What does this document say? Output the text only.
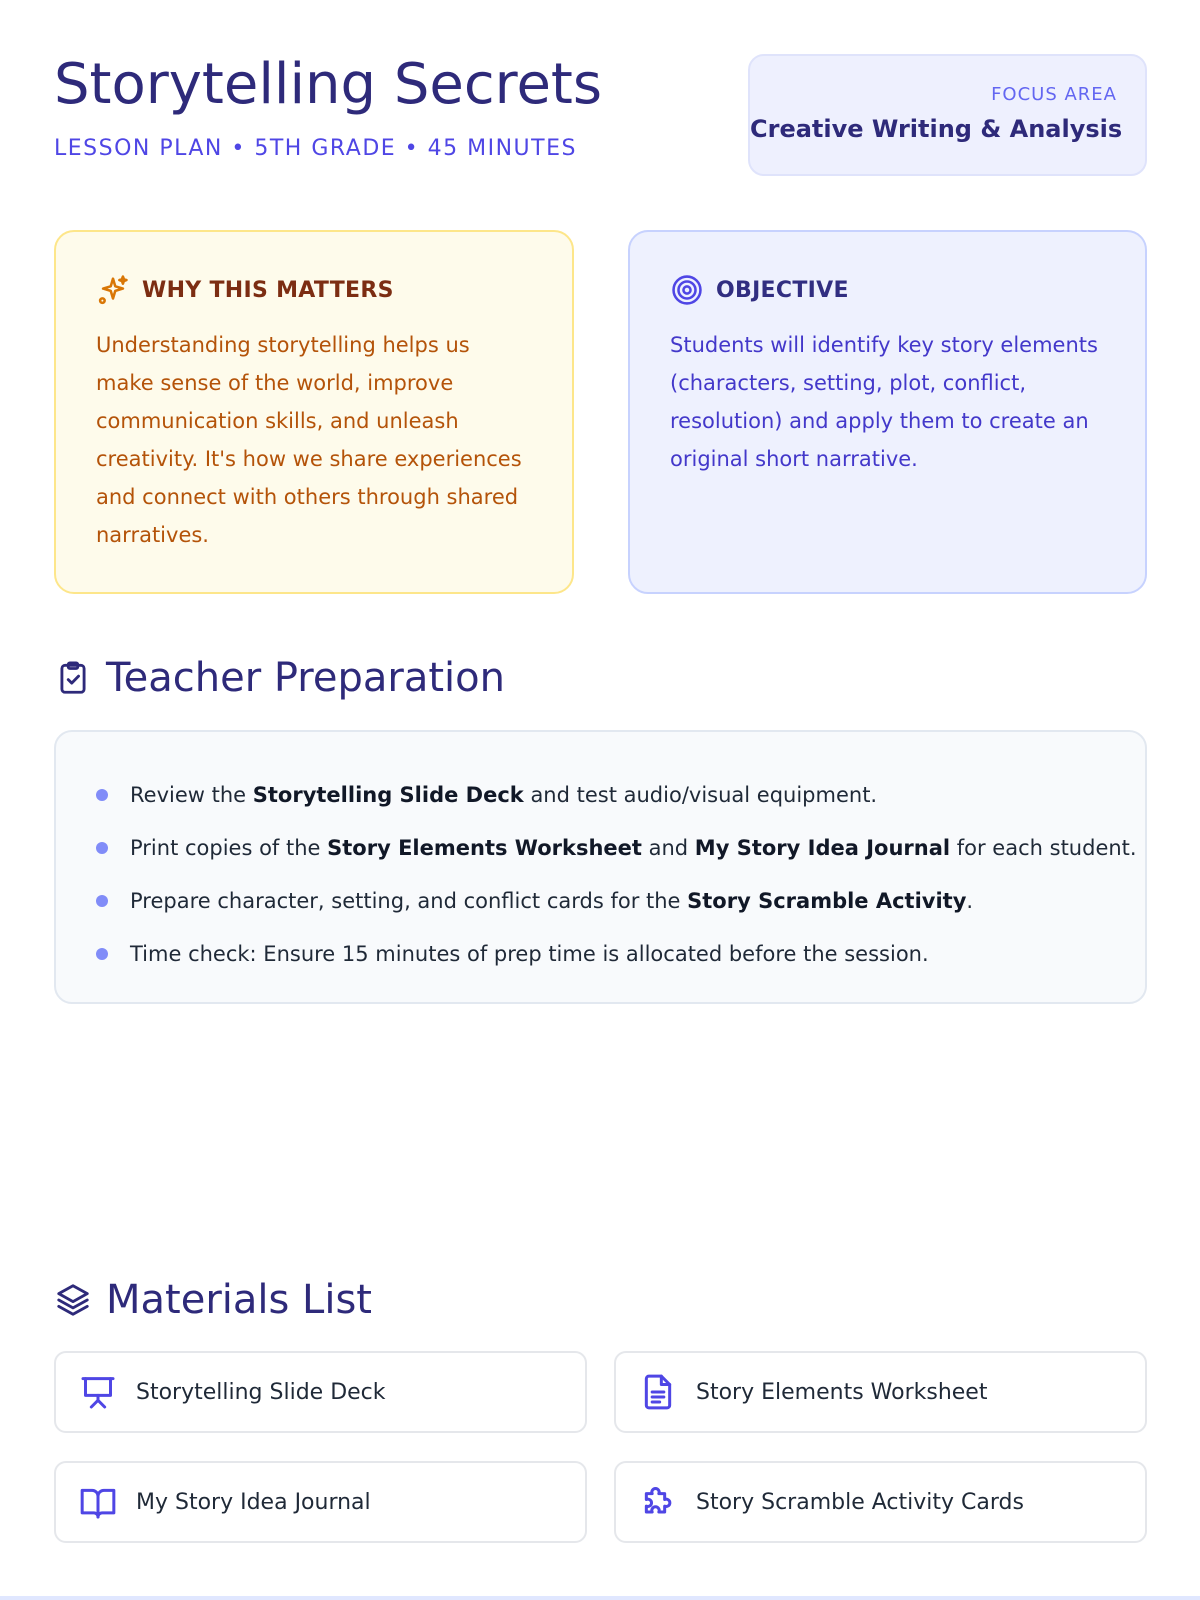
Storytelling Secrets
LESSON PLAN • 5TH GRADE • 45 MINUTES
FOCUS AREA
Creative Writing & Analysis
WHY THIS MATTERS

Understanding storytelling helps us make sense of the world, improve communication skills, and unleash creativity. It's how we share experiences and connect with others through shared narratives.

OBJECTIVE

Students will identify key story elements (characters, setting, plot, conflict, resolution) and apply them to create an original short narrative.

Teacher Preparation
Review the Storytelling Slide Deck and test audio/visual equipment.
Print copies of the Story Elements Worksheet and My Story Idea Journal for each student.
Prepare character, setting, and conflict cards for the Story Scramble Activity .
Time check: Ensure 15 minutes of prep time is allocated before the session.
Materials List
Storytelling Slide Deck	Story Elements Worksheet
My Story Idea Journal	Story Scramble Activity Cards
